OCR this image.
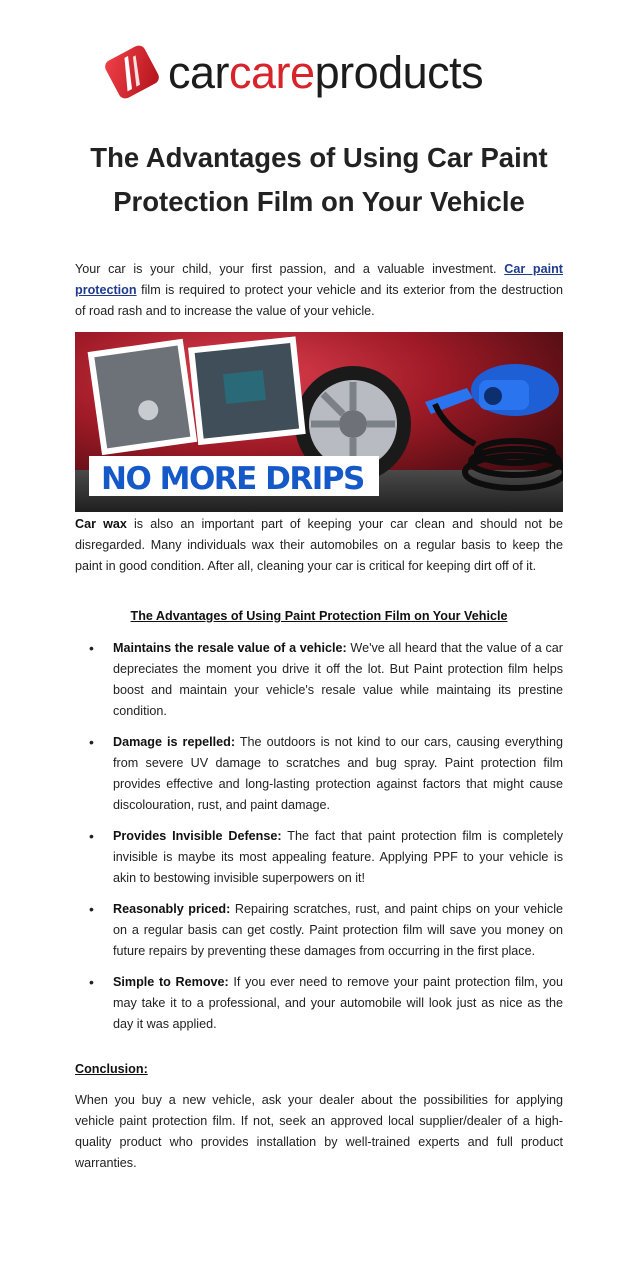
carcareproducts
The Advantages of Using Car Paint Protection Film on Your Vehicle
Your car is your child, your first passion, and a valuable investment. Car paint protection film is required to protect your vehicle and its exterior from the destruction of road rash and to increase the value of your vehicle.
NO MORE DRIPS
Car wax is also an important part of keeping your car clean and should not be disregarded. Many individuals wax their automobiles on a regular basis to keep the paint in good condition. After all, cleaning your car is critical for keeping dirt off of it.
The Advantages of Using Paint Protection Film on Your Vehicle
• Maintains the resale value of a vehicle: We've all heard that the value of a car depreciates the moment you drive it off the lot. But Paint protection film helps boost and maintain your vehicle's resale value while maintaing its prestine condition.
• Damage is repelled: The outdoors is not kind to our cars, causing everything from severe UV damage to scratches and bug spray. Paint protection film provides effective and long-lasting protection against factors that might cause discolouration, rust, and paint damage.
• Provides Invisible Defense: The fact that paint protection film is completely invisible is maybe its most appealing feature. Applying PPF to your vehicle is akin to bestowing invisible superpowers on it!
• Reasonably priced: Repairing scratches, rust, and paint chips on your vehicle on a regular basis can get costly. Paint protection film will save you money on future repairs by preventing these damages from occurring in the first place.
• Simple to Remove: If you ever need to remove your paint protection film, you may take it to a professional, and your automobile will look just as nice as the day it was applied.
Conclusion:
When you buy a new vehicle, ask your dealer about the possibilities for applying vehicle paint protection film. If not, seek an approved local supplier/dealer of a high-quality product who provides installation by well-trained experts and full product warranties.
